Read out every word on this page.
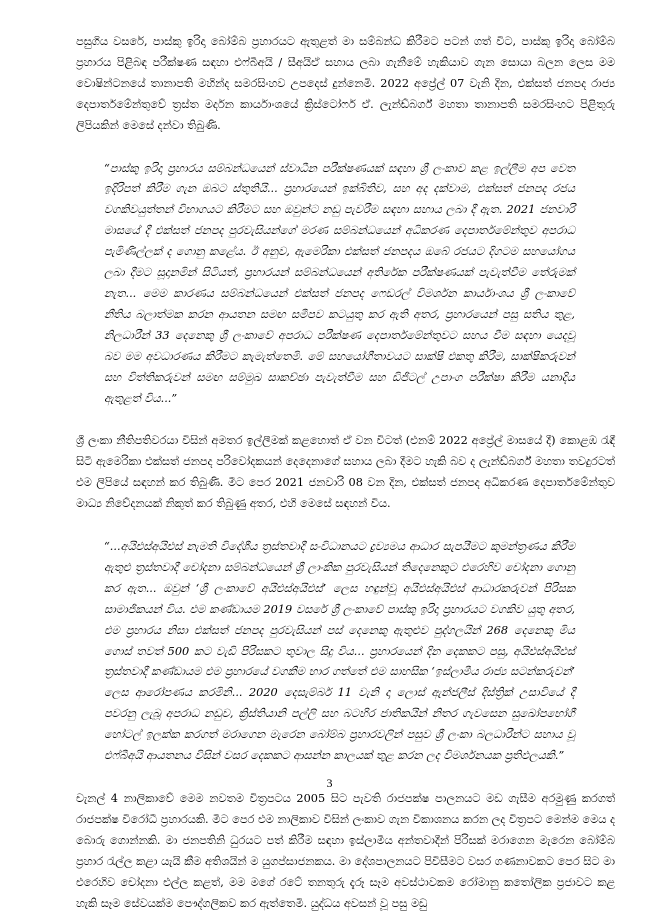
පසුගිය වසරේ, පාස්කු ඉරිදා බෝම්බ ප්‍රහාරයට ඇතුළත් මා සම්බන්ධ කිරීමට පටන් ගත් විට, පාස්කු ඉරිදා බෝම්බ ප්‍රහාරය පිළිබඳ පරීක්ෂණ සඳහා එෆ්බීඅයි / සීඅයිඒ සහාය ලබා ගැනීමේ හැකියාව ගැන සොයා බලන ලෙස මම වොෂින්ටනයේ තානාපති මහින්ද සමරසිංහව උපදෙස් දුන්නෙමි. 2022 අප්‍රේල් 07 වැනි දින, එක්සත් ජනපද රාජ්‍ය දෙපාර්තමේන්තුවේ ත්‍රස්ත මර්දන කාර්යාංශයේ ක්‍රිස්ටෝෆර් ඒ. ලැන්ඩ්බර්ග් මහතා තානාපති සමරසිංහට පිළිතුරු ලිපියකින් මෙසේ දන්වා තිබුණි.

“පාස්කු ඉරිදා ප්‍රහාරය සම්බන්ධයෙන් ස්වාධීන පරීක්ෂණයක් සඳහා ශ්‍රී ලංකාව කළ ඉල්ලීම අප වෙත ඉදිරිපත් කිරීම ගැන ඔබට ස්තුතියි... ප්‍රහාරයෙන් ඉක්බිතිව, සහ අද දක්වාම, එක්සත් ජනපද රජය වගකිවයුත්තන් විභාගයට කිරීමට සහ ඔවුන්ට නඩු පැවරීම සඳහා සහාය ලබා දී ඇත. 2021 ජනවාරි මාසයේ දී එක්සත් ජනපද පුරවැසියන්ගේ මරණ සම්බන්ධයෙන් අධිකරණ දෙපාර්තමේන්තුව අපරාධ පැමිණිල්ලක් ද ගොනු කළේය. ඊ අනුව, ඇමෙරිකා එක්සත් ජනපදය ඔබේ රජයට දිගටම සහයෝගය ලබා දීමට සූදානමින් සිටියත්, ප්‍රහාරයන් සම්බන්ධයෙන් අතිරේක පරීක්ෂණයක් පැවැත්වීම තේරුමක් නැත... මෙම කාරණය සම්බන්ධයෙන් එක්සත් ජනපද ෆෙඩරල් විමර්ශන කාර්යාංශය ශ්‍රී ලංකාවේ නීතිය බලාත්මක කරන ආයතන සමඟ සමීපව කටයුතු කර ඇති අතර, ප්‍රහාරයෙන් පසු සතිය තුළ, නිලධාරීන් 33 දෙනෙකු ශ්‍රී ලංකාවේ අපරාධ පරීක්ෂණ දෙපාර්තමේන්තුවට සහය වීම සඳහා යෙදවූ බව මම අවධාරණය කිරීමට කැමැත්තෙමි. මේ සහයෝගීතාවයට සාක්ෂි එකතු කිරීම, සාක්ෂිකරුවන් සහ විත්තිකරුවන් සමඟ සම්මුඛ සාකච්ඡා පැවැත්වීම සහ ඩිජිටල් උපාංග පරීක්ෂා කිරීම යනාදිය ඇතුළත් විය...”

ශ්‍රී ලංකා නීතිපතිවරයා විසින් අමතර ඉල්ලීමක් කළහොත් ඒ වන විටත් (එනම් 2022 අප්‍රේල් මාසයේ දී) කොළඹ රැඳී සිටි ඇමෙරිකා එක්සත් ජනපද පරිවෝදකයන් දෙදෙනාගේ සහාය ලබා දීමට හැකි බව ද ලැන්ඩ්බර්ග් මහතා තවදුරටත් එම ලිපියේ සඳහන් කර තිබුණි. මීට පෙර 2021 ජනවාරි 08 වන දින, එක්සත් ජනපද අධිකරණ දෙපාර්තමේන්තුව මාධ්‍ය නිවේදනයක් නිකුත් කර තිබුණු අතර, එහි මෙසේ සඳහන් විය.

“...අයිඑස්අයිඑස් නැමති විදේශීය ත්‍රස්තවාදී සංවිධානයට ද්‍රව්‍යමය ආධාර සැපයීමට කුමන්ත්‍රණය කිරීම ඇතුළු ත්‍රස්තවාදී චෝදනා සම්බන්ධයෙන් ශ්‍රී ලාංකික පුරවැසියන් තිදෙනෙකුට එරෙහිව චෝදනා ගොනු කර ඇත... ඔවුන් ‘ශ්‍රී ලංකාවේ අයිඑස්අයිඑස්’ ලෙස හඳුන්වූ අයිඑස්අයිඑස් ආධාරකරුවන් පිරිසක සාමාජිකයන් විය. එම කණ්ඩායම 2019 වසරේ ශ්‍රී ලංකාවේ පාස්කු ඉරිදා ප්‍රහාරයට වගකිව යුතු අතර, එම ප්‍රහාරය නිසා එක්සත් ජනපද පුරවැසියන් පස් දෙනෙකු ඇතුළුව පුද්ගලයින් 268 දෙනෙකු මිය ගොස් තවත් 500 කට වැඩි පිරිසකට තුවාල සිදු විය... ප්‍රහාරයෙන් දින දෙකකට පසු, අයිඑස්අයිඑස් ත්‍රස්තවාදී කණ්ඩායම එම ප්‍රහාරයේ වගකීම භාර ගත්තේ එම සාහසික ‘ඉස්ලාමීය රාජ්‍ය සටන්කරුවන්’ ලෙස ආරෝපණය කරමිනි... 2020 දෙසැම්බර් 11 වැනි දා ලොස් ඇන්ජලීස් දිස්ත්‍රික් උසාවියේ දී පවරනු ලැබූ අපරාධ නඩුව, ක්‍රිස්තියානි පල්ලි සහ බටහිර ජාතිකයින් නිතර ගැවසෙන සුඛෝපභෝගී හෝටල් ඉලක්ක කරගත් මරාගෙන මැරෙන බෝම්බ ප්‍රහාරවලින් පසුව ශ්‍රී ලංකා බලධාරීන්ට සහාය වූ එෆ්බීඅයි ආයතනය විසින් වසර දෙකකට ආසන්න කාලයක් තුළ කරන ලද විමර්ශනයක ප්‍රතිඵලයකි.”

චැනල් 4 නාලිකාවේ මෙම නවතම විත්‍රපටය 2005 සිට පැවති රාජපක්ෂ පාලනයට මඩ ගැසීම අරමුණු කරගත් රාජපක්ෂ විරෝධී ප්‍රහාරයකි. මීට පෙර එම නාලිකාව විසින් ලංකාව ගැන විකාශනය කරන ලද විත්‍රපට මෙන්ම මෙය ද බොරු ගොන්නකි. මා ජනපතිනි ධුරයට පත් කිරීම සඳහා ඉස්ලාමීය අන්තවාදීන් පිරිසක් මරාගෙන මැරෙන බෝම්බ ප්‍රහාර රැල්ල කළා යැයි කීම අතිශයින් ම යුගප්සාජනකය. මා දේශපාලනයට පිවිසීමට වසර ගණනාවකට පෙර සිට මා එරෙහිව චෝදනා එල්ල කළත්, මම මගේ රටේ තනතුරු දැරූ සෑම අවස්ථාවකම රෝමානු කතෝලික ප්‍රජාවට කළ හැකි සෑම සේවයක්ම පෞද්ගලිකව කර ඇත්තෙමි. යුද්ධය අවසන් වූ පසු මඩු

3
